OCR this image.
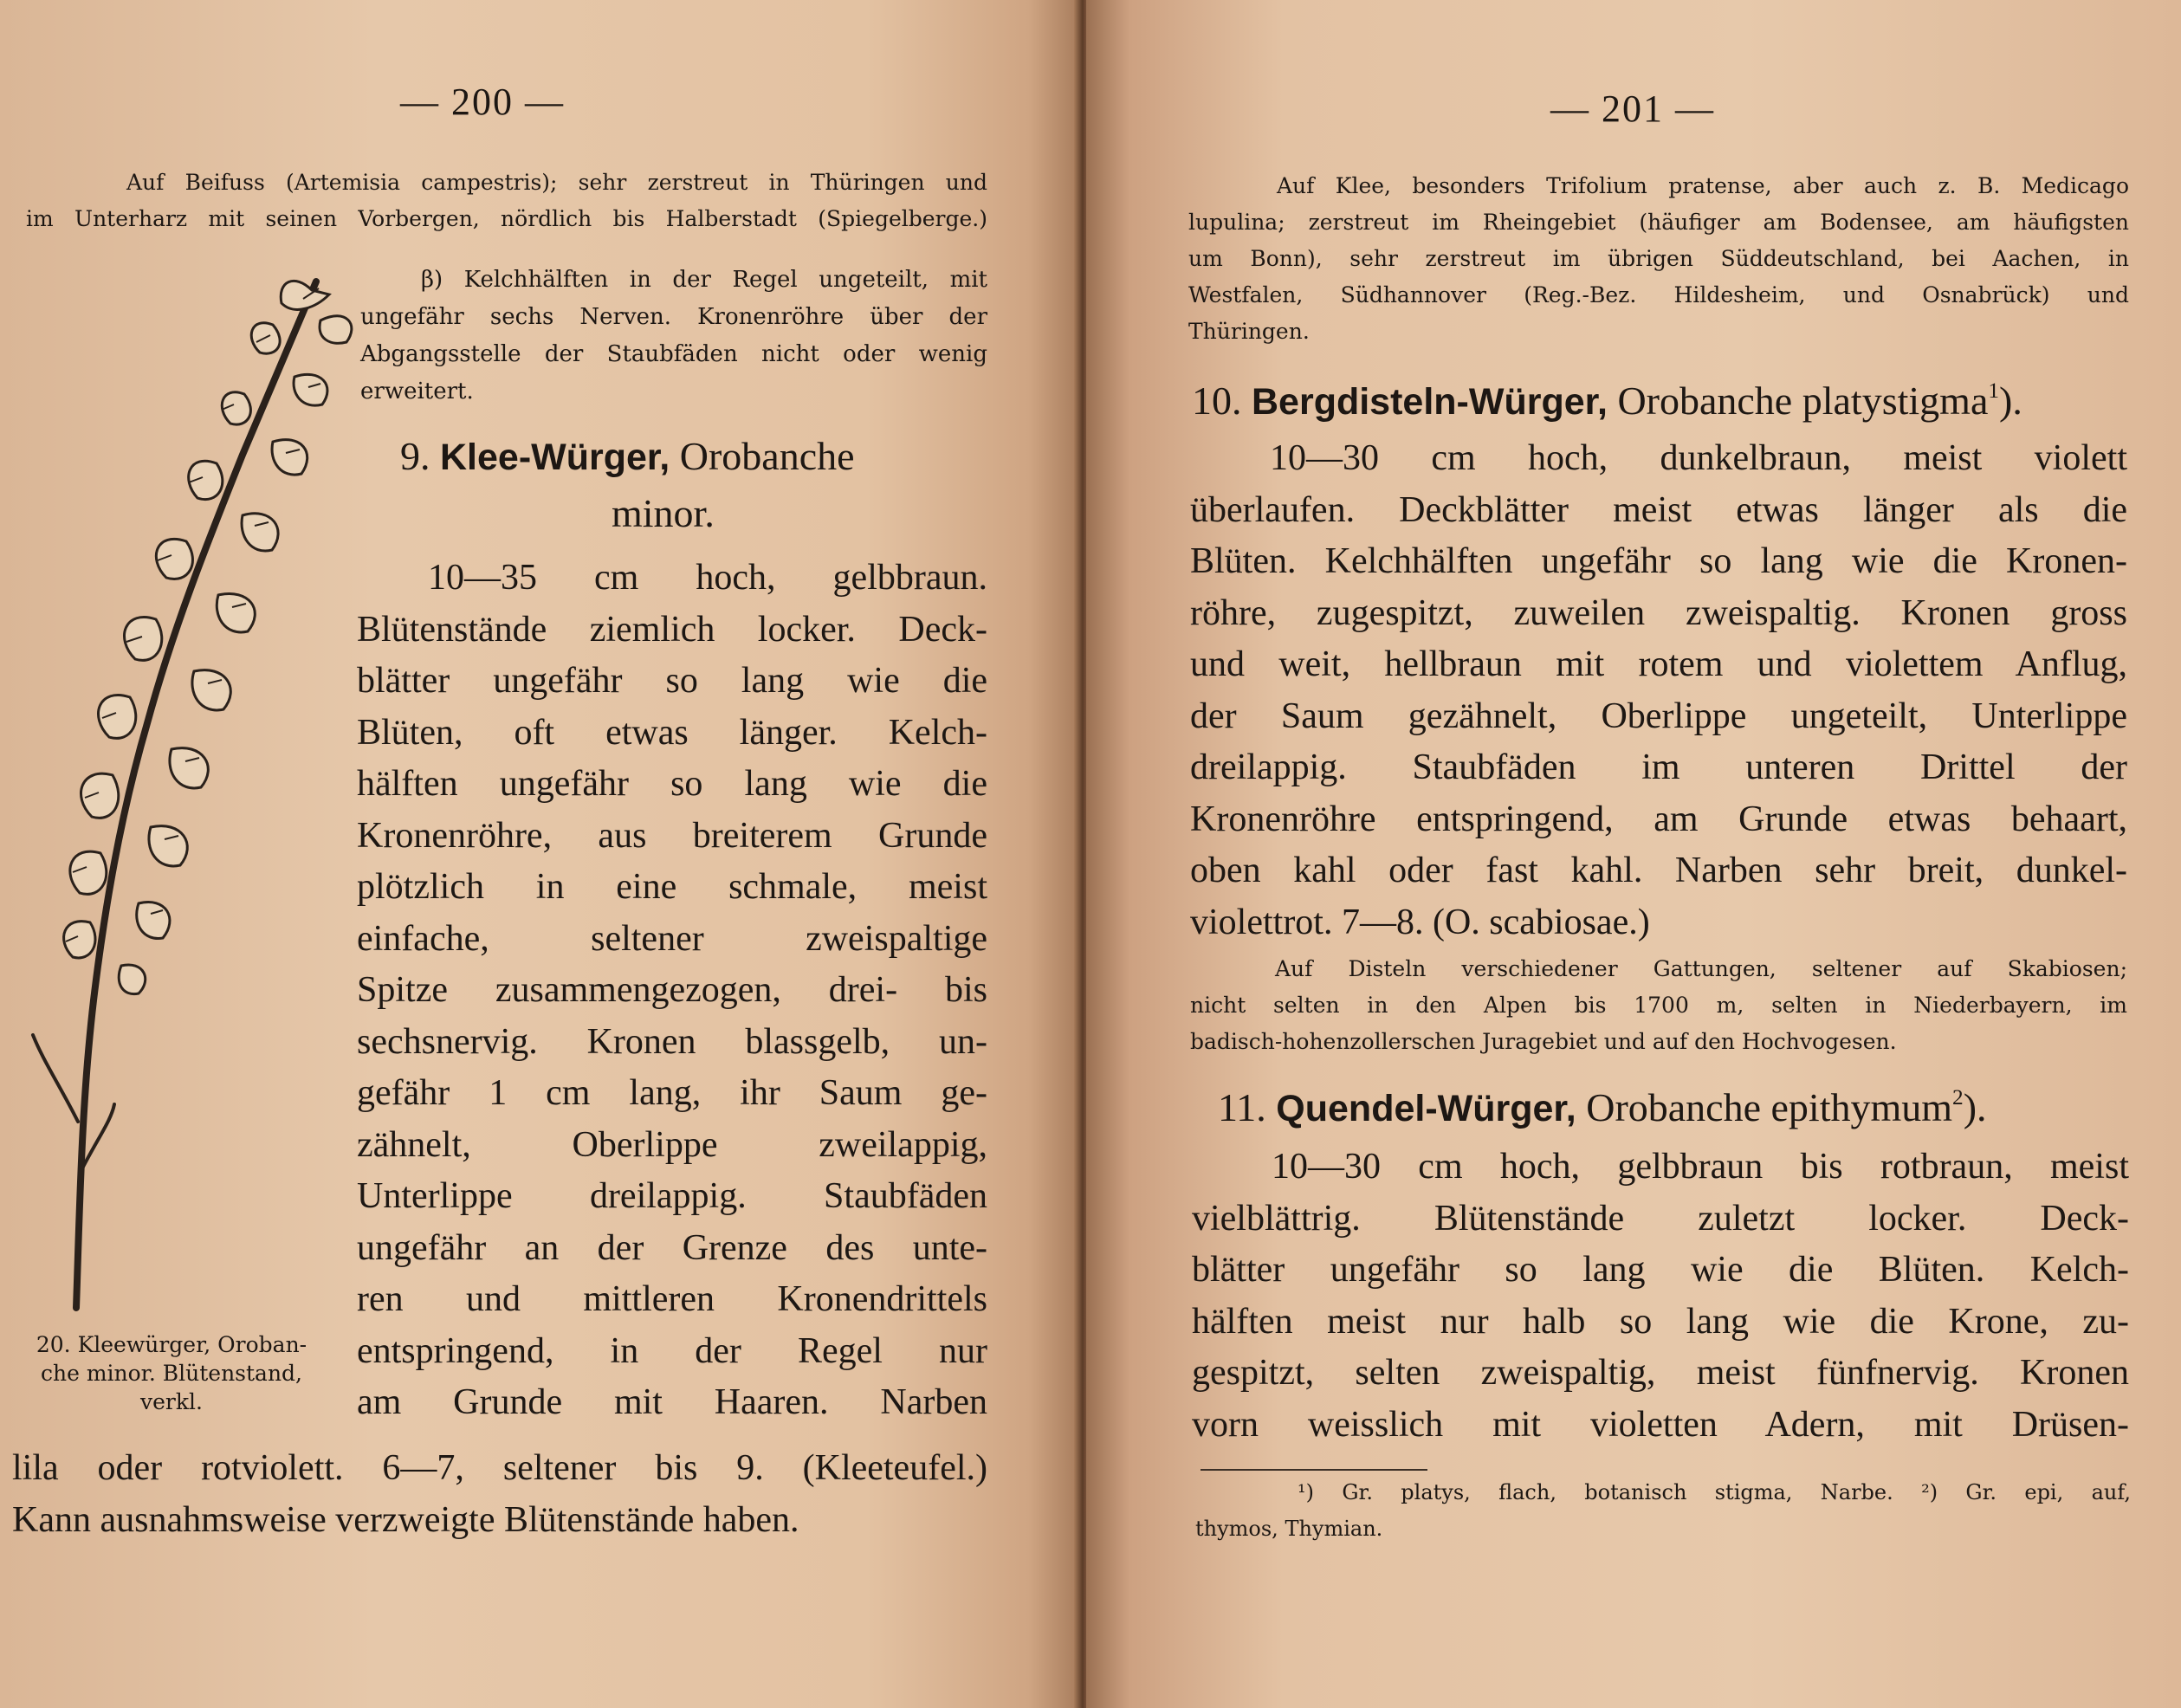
— 200 —
Auf Beifuss (Artemisia campestris); sehr zerstreut in Thüringen und
im Unterharz mit seinen Vorbergen, nördlich bis Halberstadt (Spiegelberge.)
β) Kelchhälften in der Regel ungeteilt, mit
ungefähr sechs Nerven. Kronenröhre über der
Abgangsstelle der Staubfäden nicht oder wenig
erweitert.
9. Klee-Würger, Orobanche
minor.
10—35 cm hoch, gelbbraun.
Blütenstände ziemlich locker. Deck-
blätter ungefähr so lang wie die
Blüten, oft etwas länger. Kelch-
hälften ungefähr so lang wie die
Kronenröhre, aus breiterem Grunde
plötzlich in eine schmale, meist
einfache, seltener zweispaltige
Spitze zusammengezogen, drei- bis
sechsnervig. Kronen blassgelb, un-
gefähr 1 cm lang, ihr Saum ge-
zähnelt, Oberlippe zweilappig,
Unterlippe dreilappig. Staubfäden
ungefähr an der Grenze des unte-
ren und mittleren Kronendrittels
entspringend, in der Regel nur
am Grunde mit Haaren. Narben
lila oder rotviolett. 6—7, seltener bis 9. (Kleeteufel.)
Kann ausnahmsweise verzweigte Blütenstände haben.
20. Kleewürger, Oroban-
che minor. Blütenstand,
verkl.
— 201 —
Auf Klee, besonders Trifolium pratense, aber auch z. B. Medicago
lupulina; zerstreut im Rheingebiet (häufiger am Bodensee, am häufigsten
um Bonn), sehr zerstreut im übrigen Süddeutschland, bei Aachen, in
Westfalen, Südhannover (Reg.-Bez. Hildesheim, und Osnabrück) und
Thüringen.
10. Bergdisteln-Würger, Orobanche platystigma$^1$).
10—30 cm hoch, dunkelbraun, meist violett
überlaufen. Deckblätter meist etwas länger als die
Blüten. Kelchhälften ungefähr so lang wie die Kronen-
röhre, zugespitzt, zuweilen zweispaltig. Kronen gross
und weit, hellbraun mit rotem und violettem Anflug,
der Saum gezähnelt, Oberlippe ungeteilt, Unterlippe
dreilappig. Staubfäden im unteren Drittel der
Kronenröhre entspringend, am Grunde etwas behaart,
oben kahl oder fast kahl. Narben sehr breit, dunkel-
violettrot. 7—8. (O. scabiosae.)
Auf Disteln verschiedener Gattungen, seltener auf Skabiosen;
nicht selten in den Alpen bis 1700 m, selten in Niederbayern, im
badisch-hohenzollerschen Juragebiet und auf den Hochvogesen.
11. Quendel-Würger, Orobanche epithymum$^2$).
10—30 cm hoch, gelbbraun bis rotbraun, meist
vielblättrig. Blütenstände zuletzt locker. Deck-
blätter ungefähr so lang wie die Blüten. Kelch-
hälften meist nur halb so lang wie die Krone, zu-
gespitzt, selten zweispaltig, meist fünfnervig. Kronen
vorn weisslich mit violetten Adern, mit Drüsen-
¹) Gr. platys, flach, botanisch stigma, Narbe. ²) Gr. epi, auf,
thymos, Thymian.
